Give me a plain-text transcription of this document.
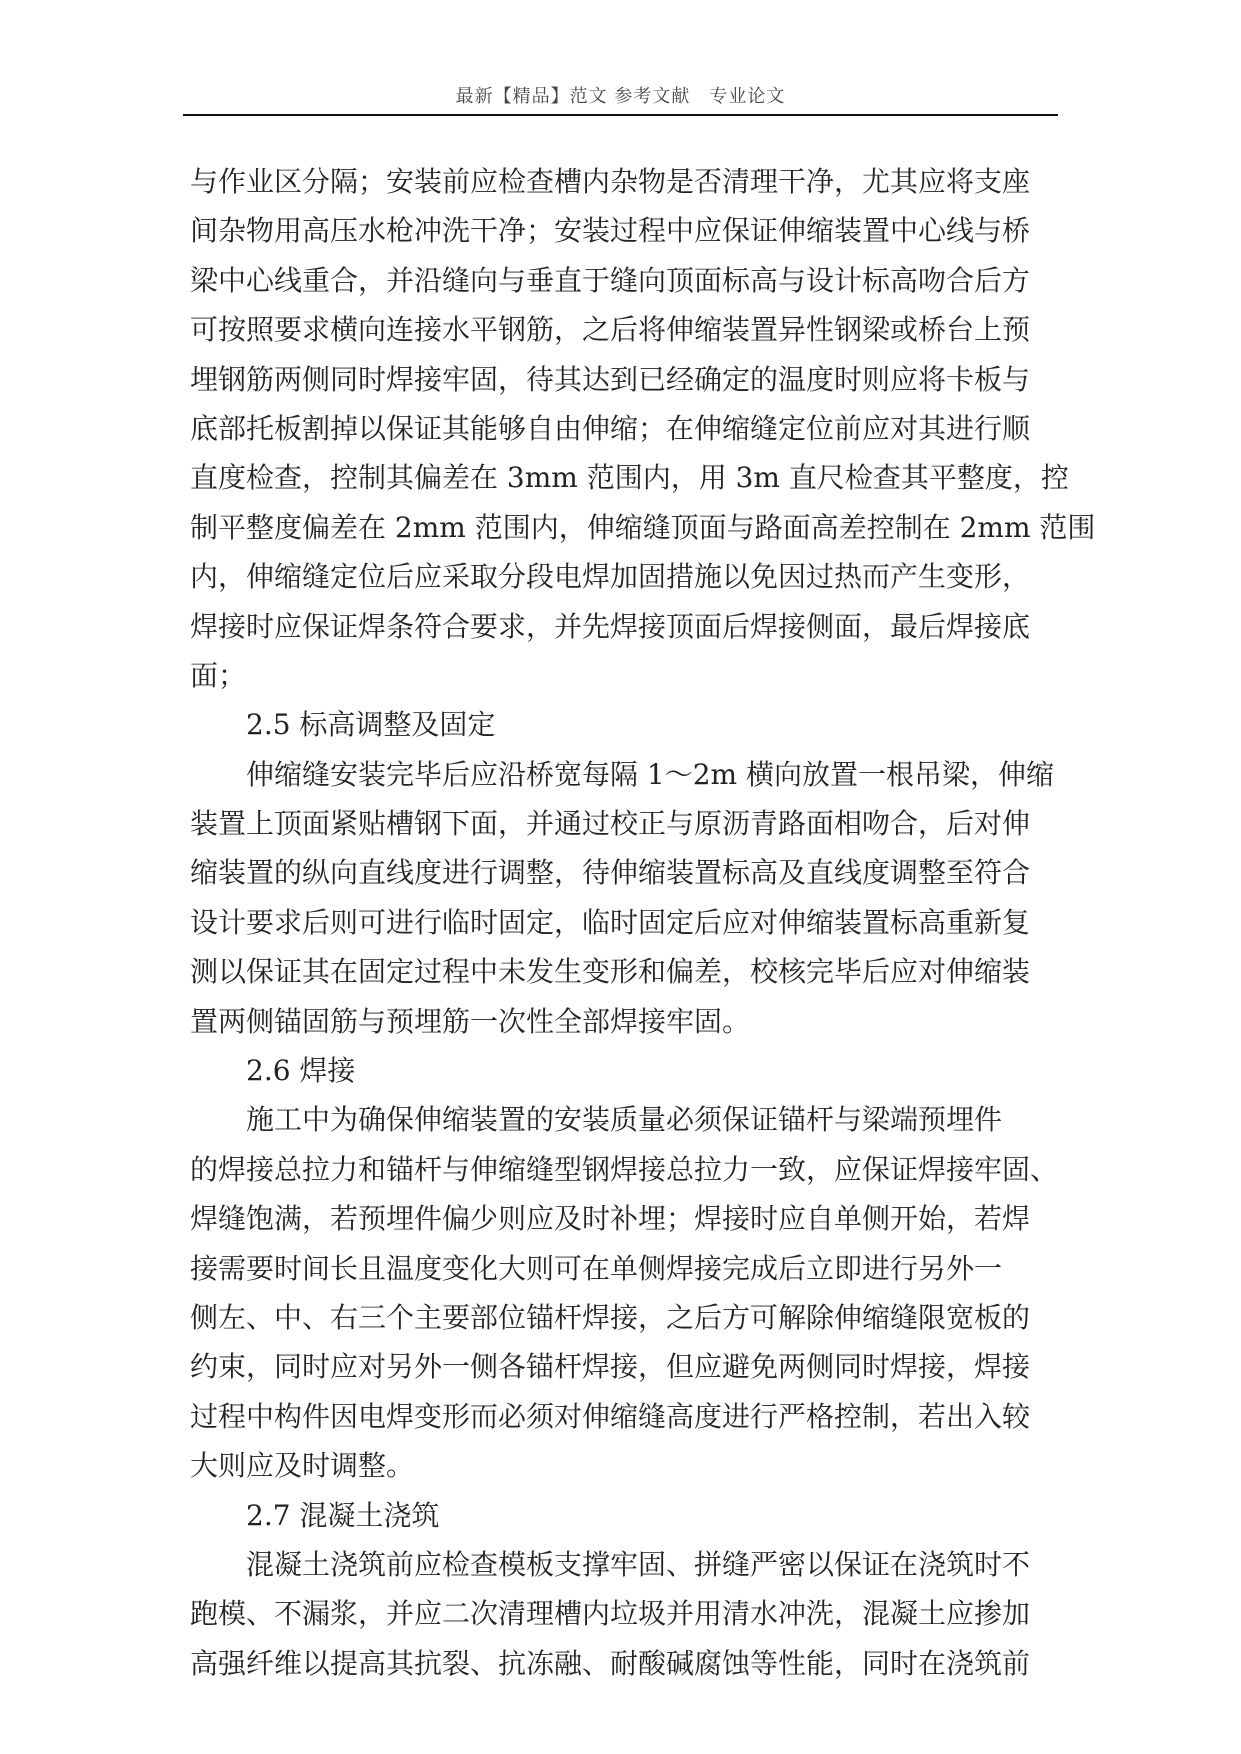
最新【精品】范文 参考文献　专业论文
与作业区分隔；安装前应检查槽内杂物是否清理干净，尤其应将支座
间杂物用高压水枪冲洗干净；安装过程中应保证伸缩装置中心线与桥
梁中心线重合，并沿缝向与垂直于缝向顶面标高与设计标高吻合后方
可按照要求横向连接水平钢筋，之后将伸缩装置异性钢梁或桥台上预
埋钢筋两侧同时焊接牢固，待其达到已经确定的温度时则应将卡板与
底部托板割掉以保证其能够自由伸缩；在伸缩缝定位前应对其进行顺
直度检查，控制其偏差在 3mm 范围内，用 3m 直尺检查其平整度，控
制平整度偏差在 2mm 范围内，伸缩缝顶面与路面高差控制在 2mm 范围
内，伸缩缝定位后应采取分段电焊加固措施以免因过热而产生变形，
焊接时应保证焊条符合要求，并先焊接顶面后焊接侧面，最后焊接底
面；
2.5 标高调整及固定
伸缩缝安装完毕后应沿桥宽每隔 1～2m 横向放置一根吊梁，伸缩
装置上顶面紧贴槽钢下面，并通过校正与原沥青路面相吻合，后对伸
缩装置的纵向直线度进行调整，待伸缩装置标高及直线度调整至符合
设计要求后则可进行临时固定，临时固定后应对伸缩装置标高重新复
测以保证其在固定过程中未发生变形和偏差，校核完毕后应对伸缩装
置两侧锚固筋与预埋筋一次性全部焊接牢固。
2.6 焊接
施工中为确保伸缩装置的安装质量必须保证锚杆与梁端预埋件
的焊接总拉力和锚杆与伸缩缝型钢焊接总拉力一致，应保证焊接牢固、
焊缝饱满，若预埋件偏少则应及时补埋；焊接时应自单侧开始，若焊
接需要时间长且温度变化大则可在单侧焊接完成后立即进行另外一
侧左、中、右三个主要部位锚杆焊接，之后方可解除伸缩缝限宽板的
约束，同时应对另外一侧各锚杆焊接，但应避免两侧同时焊接，焊接
过程中构件因电焊变形而必须对伸缩缝高度进行严格控制，若出入较
大则应及时调整。
2.7 混凝土浇筑
混凝土浇筑前应检查模板支撑牢固、拼缝严密以保证在浇筑时不
跑模、不漏浆，并应二次清理槽内垃圾并用清水冲洗，混凝土应掺加
高强纤维以提高其抗裂、抗冻融、耐酸碱腐蚀等性能，同时在浇筑前
